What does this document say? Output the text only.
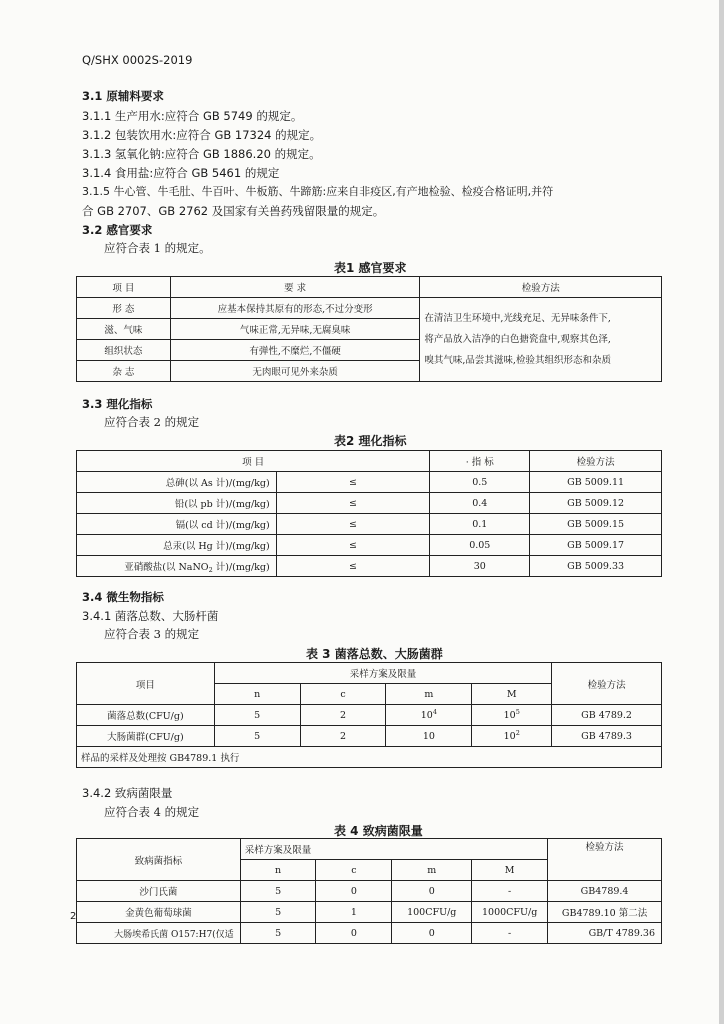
Q/SHX 0002S-2019
3.1 原辅料要求
3.1.1 生产用水:应符合 GB 5749 的规定。
3.1.2 包装饮用水:应符合 GB 17324 的规定。
3.1.3 氢氧化钠:应符合 GB 1886.20 的规定。
3.1.4 食用盐:应符合 GB 5461 的规定
3.1.5 牛心管、牛毛肚、牛百叶、牛板筋、牛蹄筋:应来自非疫区,有产地检验、检疫合格证明,并符
合 GB 2707、GB 2762 及国家有关兽药残留限量的规定。
3.2 感官要求
应符合表 1 的规定。
表1 感官要求
项 目	要 求	检验方法
形 态	应基本保持其原有的形态,不过分变形	在清洁卫生环境中,光线充足、无异味条件下,
将产品放入洁净的白色搪瓷盘中,观察其色泽,
嗅其气味,品尝其滋味,检验其组织形态和杂质

滋、气味	气味正常,无异味,无腐臭味	
组织状态	有弹性,不糜烂,不僵硬	
杂 志	无肉眼可见外来杂质	
3.3 理化指标
应符合表 2 的规定
表2 理化指标
项 目		· 指 标	检验方法
总砷(以 As 计)/(mg/kg)	≤	0.5	GB 5009.11
铅(以 pb 计)/(mg/kg)	≤	0.4	GB 5009.12
镉(以 cd 计)/(mg/kg)	≤	0.1	GB 5009.15
总汞(以 Hg 计)/(mg/kg)	≤	0.05	GB 5009.17
亚硝酸盐(以 NaNO$_2$ 计)/(mg/kg)	≤	30	GB 5009.33
3.4 微生物指标
3.4.1 菌落总数、大肠杆菌
应符合表 3 的规定
表 3 菌落总数、大肠菌群
项目	采样方案及限量				检验方法
	n	c	m	M	
菌落总数(CFU/g)	5	2	$10^4$	$10^5$	GB 4789.2
大肠菌群(CFU/g)	5	2	10	$10^2$	GB 4789.3
样品的采样及处理按 GB4789.1 执行					
3.4.2 致病菌限量
应符合表 4 的规定
表 4 致病菌限量
致病菌指标	采样方案及限量				检验方法
	n	c	m	M	
沙门氏菌	5	0	0	-	GB4789.4
金黄色葡萄球菌	5	1	100CFU/g	1000CFU/g	GB4789.10 第二法
大肠埃希氏菌 O157:H7(仅适	5	0	0	-	GB/T 4789.36
2
